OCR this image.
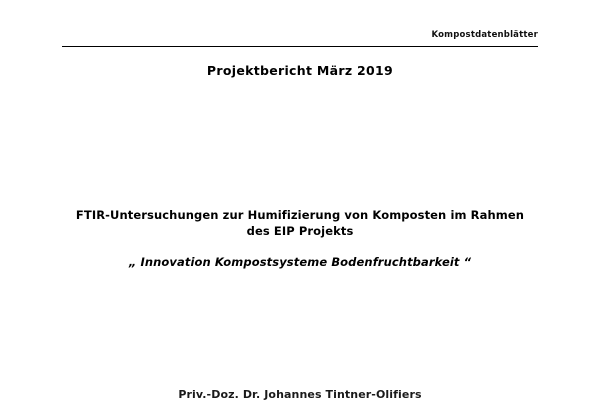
Kompostdatenblätter
Projektbericht März 2019
FTIR-Untersuchungen zur Humifizierung von Komposten im Rahmen
des EIP Projekts
„ Innovation Kompostsysteme Bodenfruchtbarkeit “
Priv.-Doz. Dr. Johannes Tintner-Olifiers
